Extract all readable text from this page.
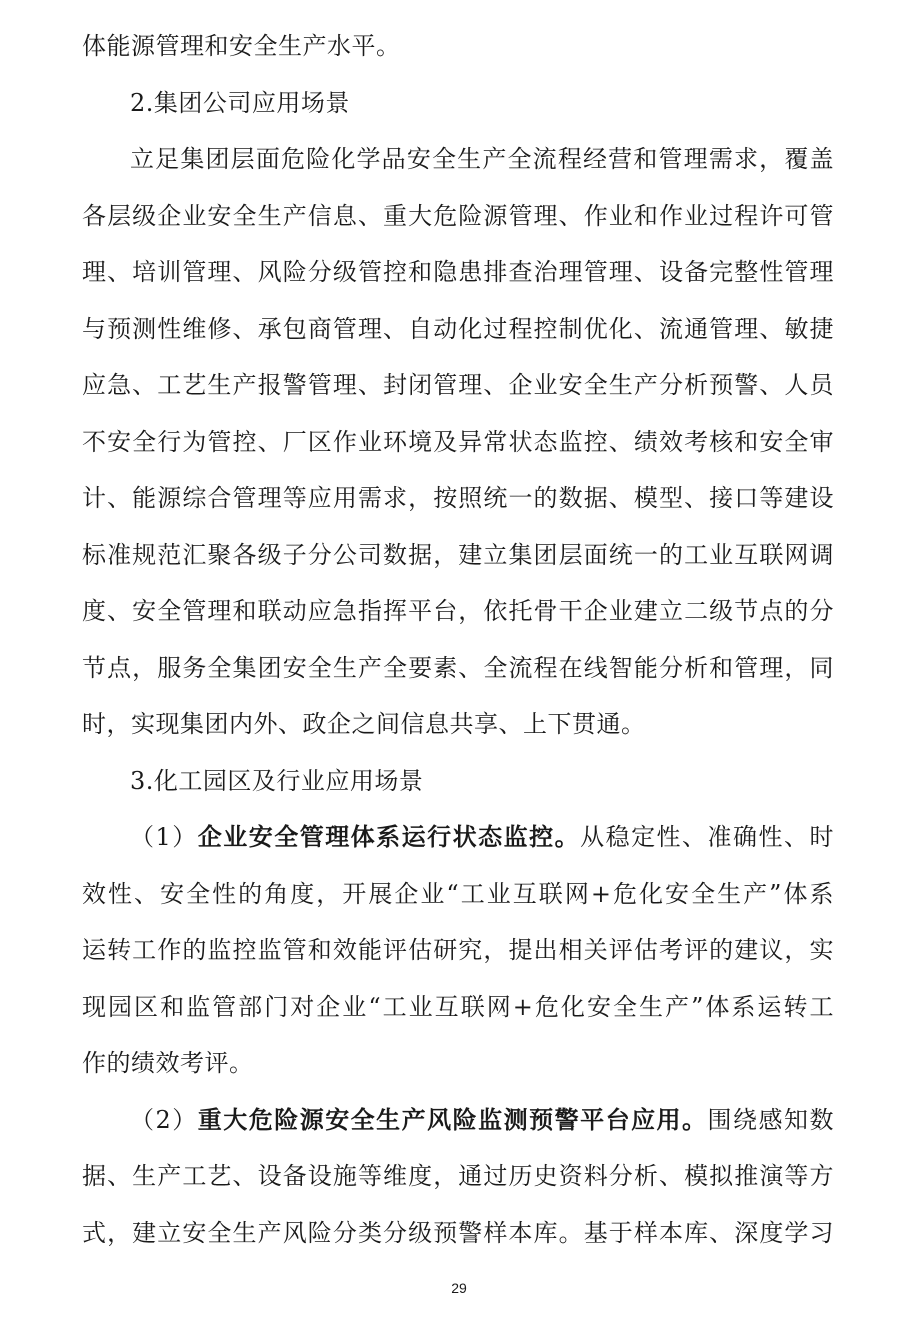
体能源管理和安全生产水平。
2.集团公司应用场景
立足集团层面危险化学品安全生产全流程经营和管理需求，覆盖
各层级企业安全生产信息、重大危险源管理、作业和作业过程许可管
理、培训管理、风险分级管控和隐患排查治理管理、设备完整性管理
与预测性维修、承包商管理、自动化过程控制优化、流通管理、敏捷
应急、工艺生产报警管理、封闭管理、企业安全生产分析预警、人员
不安全行为管控、厂区作业环境及异常状态监控、绩效考核和安全审
计、能源综合管理等应用需求，按照统一的数据、模型、接口等建设
标准规范汇聚各级子分公司数据，建立集团层面统一的工业互联网调
度、安全管理和联动应急指挥平台，依托骨干企业建立二级节点的分
节点，服务全集团安全生产全要素、全流程在线智能分析和管理，同
时，实现集团内外、政企之间信息共享、上下贯通。
3.化工园区及行业应用场景
（1）企业安全管理体系运行状态监控。从稳定性、准确性、时
效性、安全性的角度，开展企业“工业互联网+危化安全生产”体系
运转工作的监控监管和效能评估研究，提出相关评估考评的建议，实
现园区和监管部门对企业“工业互联网+危化安全生产”体系运转工
作的绩效考评。
（2）重大危险源安全生产风险监测预警平台应用。围绕感知数
据、生产工艺、设备设施等维度，通过历史资料分析、模拟推演等方
式，建立安全生产风险分类分级预警样本库。基于样本库、深度学习
29
